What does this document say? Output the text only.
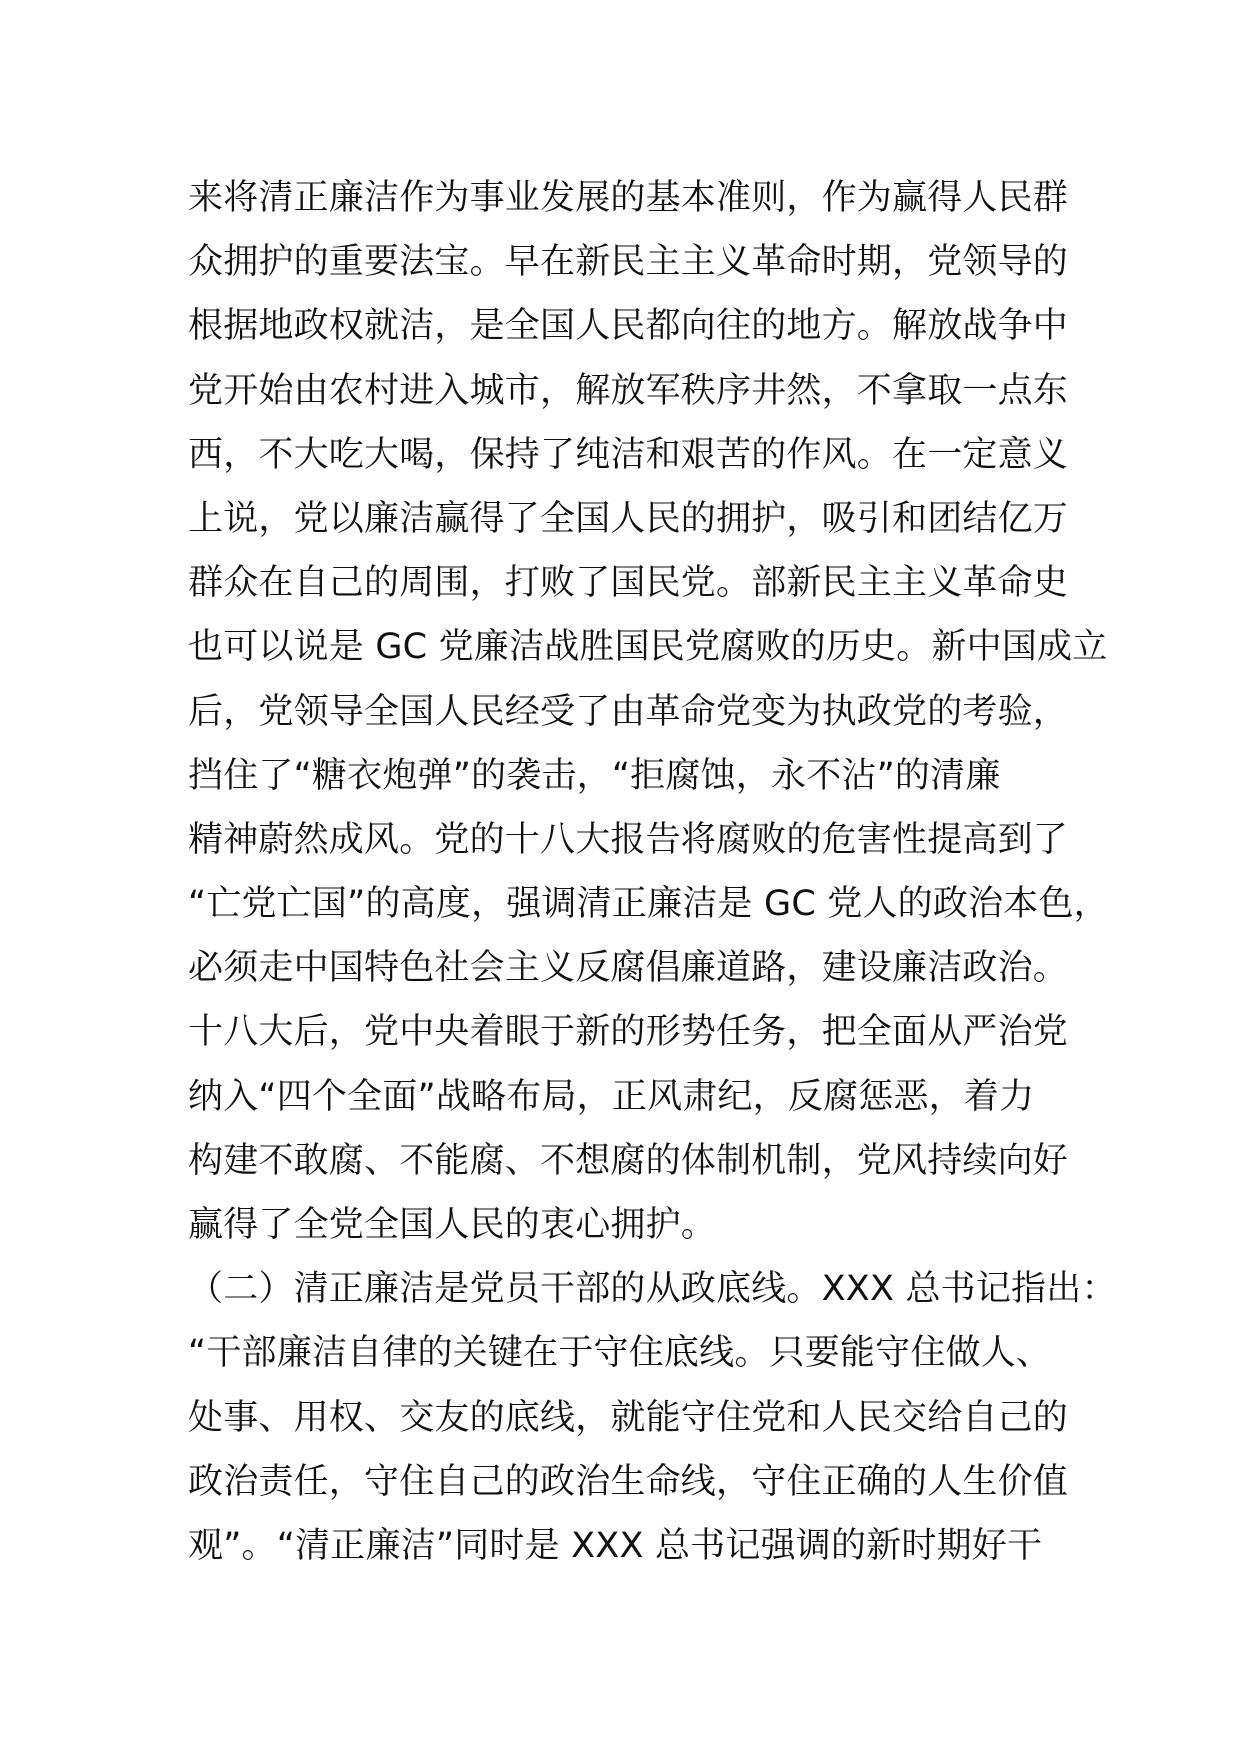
来将清正廉洁作为事业发展的基本准则，作为赢得人民群
众拥护的重要法宝。早在新民主主义革命时期，党领导的
根据地政权就洁，是全国人民都向往的地方。解放战争中
党开始由农村进入城市，解放军秩序井然，不拿取一点东
西，不大吃大喝，保持了纯洁和艰苦的作风。在一定意义
上说，党以廉洁赢得了全国人民的拥护，吸引和团结亿万
群众在自己的周围，打败了国民党。部新民主主义革命史
也可以说是 GC 党廉洁战胜国民党腐败的历史。新中国成立
后，党领导全国人民经受了由革命党变为执政党的考验，
挡住了“糖衣炮弹”的袭击，“拒腐蚀，永不沾”的清廉
精神蔚然成风。党的十八大报告将腐败的危害性提高到了
“亡党亡国”的高度，强调清正廉洁是 GC 党人的政治本色，
必须走中国特色社会主义反腐倡廉道路，建设廉洁政治。
十八大后，党中央着眼于新的形势任务，把全面从严治党
纳入“四个全面”战略布局，正风肃纪，反腐惩恶，着力
构建不敢腐、不能腐、不想腐的体制机制，党风持续向好
赢得了全党全国人民的衷心拥护。
（二）清正廉洁是党员干部的从政底线。XXX 总书记指出：
“干部廉洁自律的关键在于守住底线。只要能守住做人、
处事、用权、交友的底线，就能守住党和人民交给自己的
政治责任，守住自己的政治生命线，守住正确的人生价值
观”。“清正廉洁”同时是 XXX 总书记强调的新时期好干
